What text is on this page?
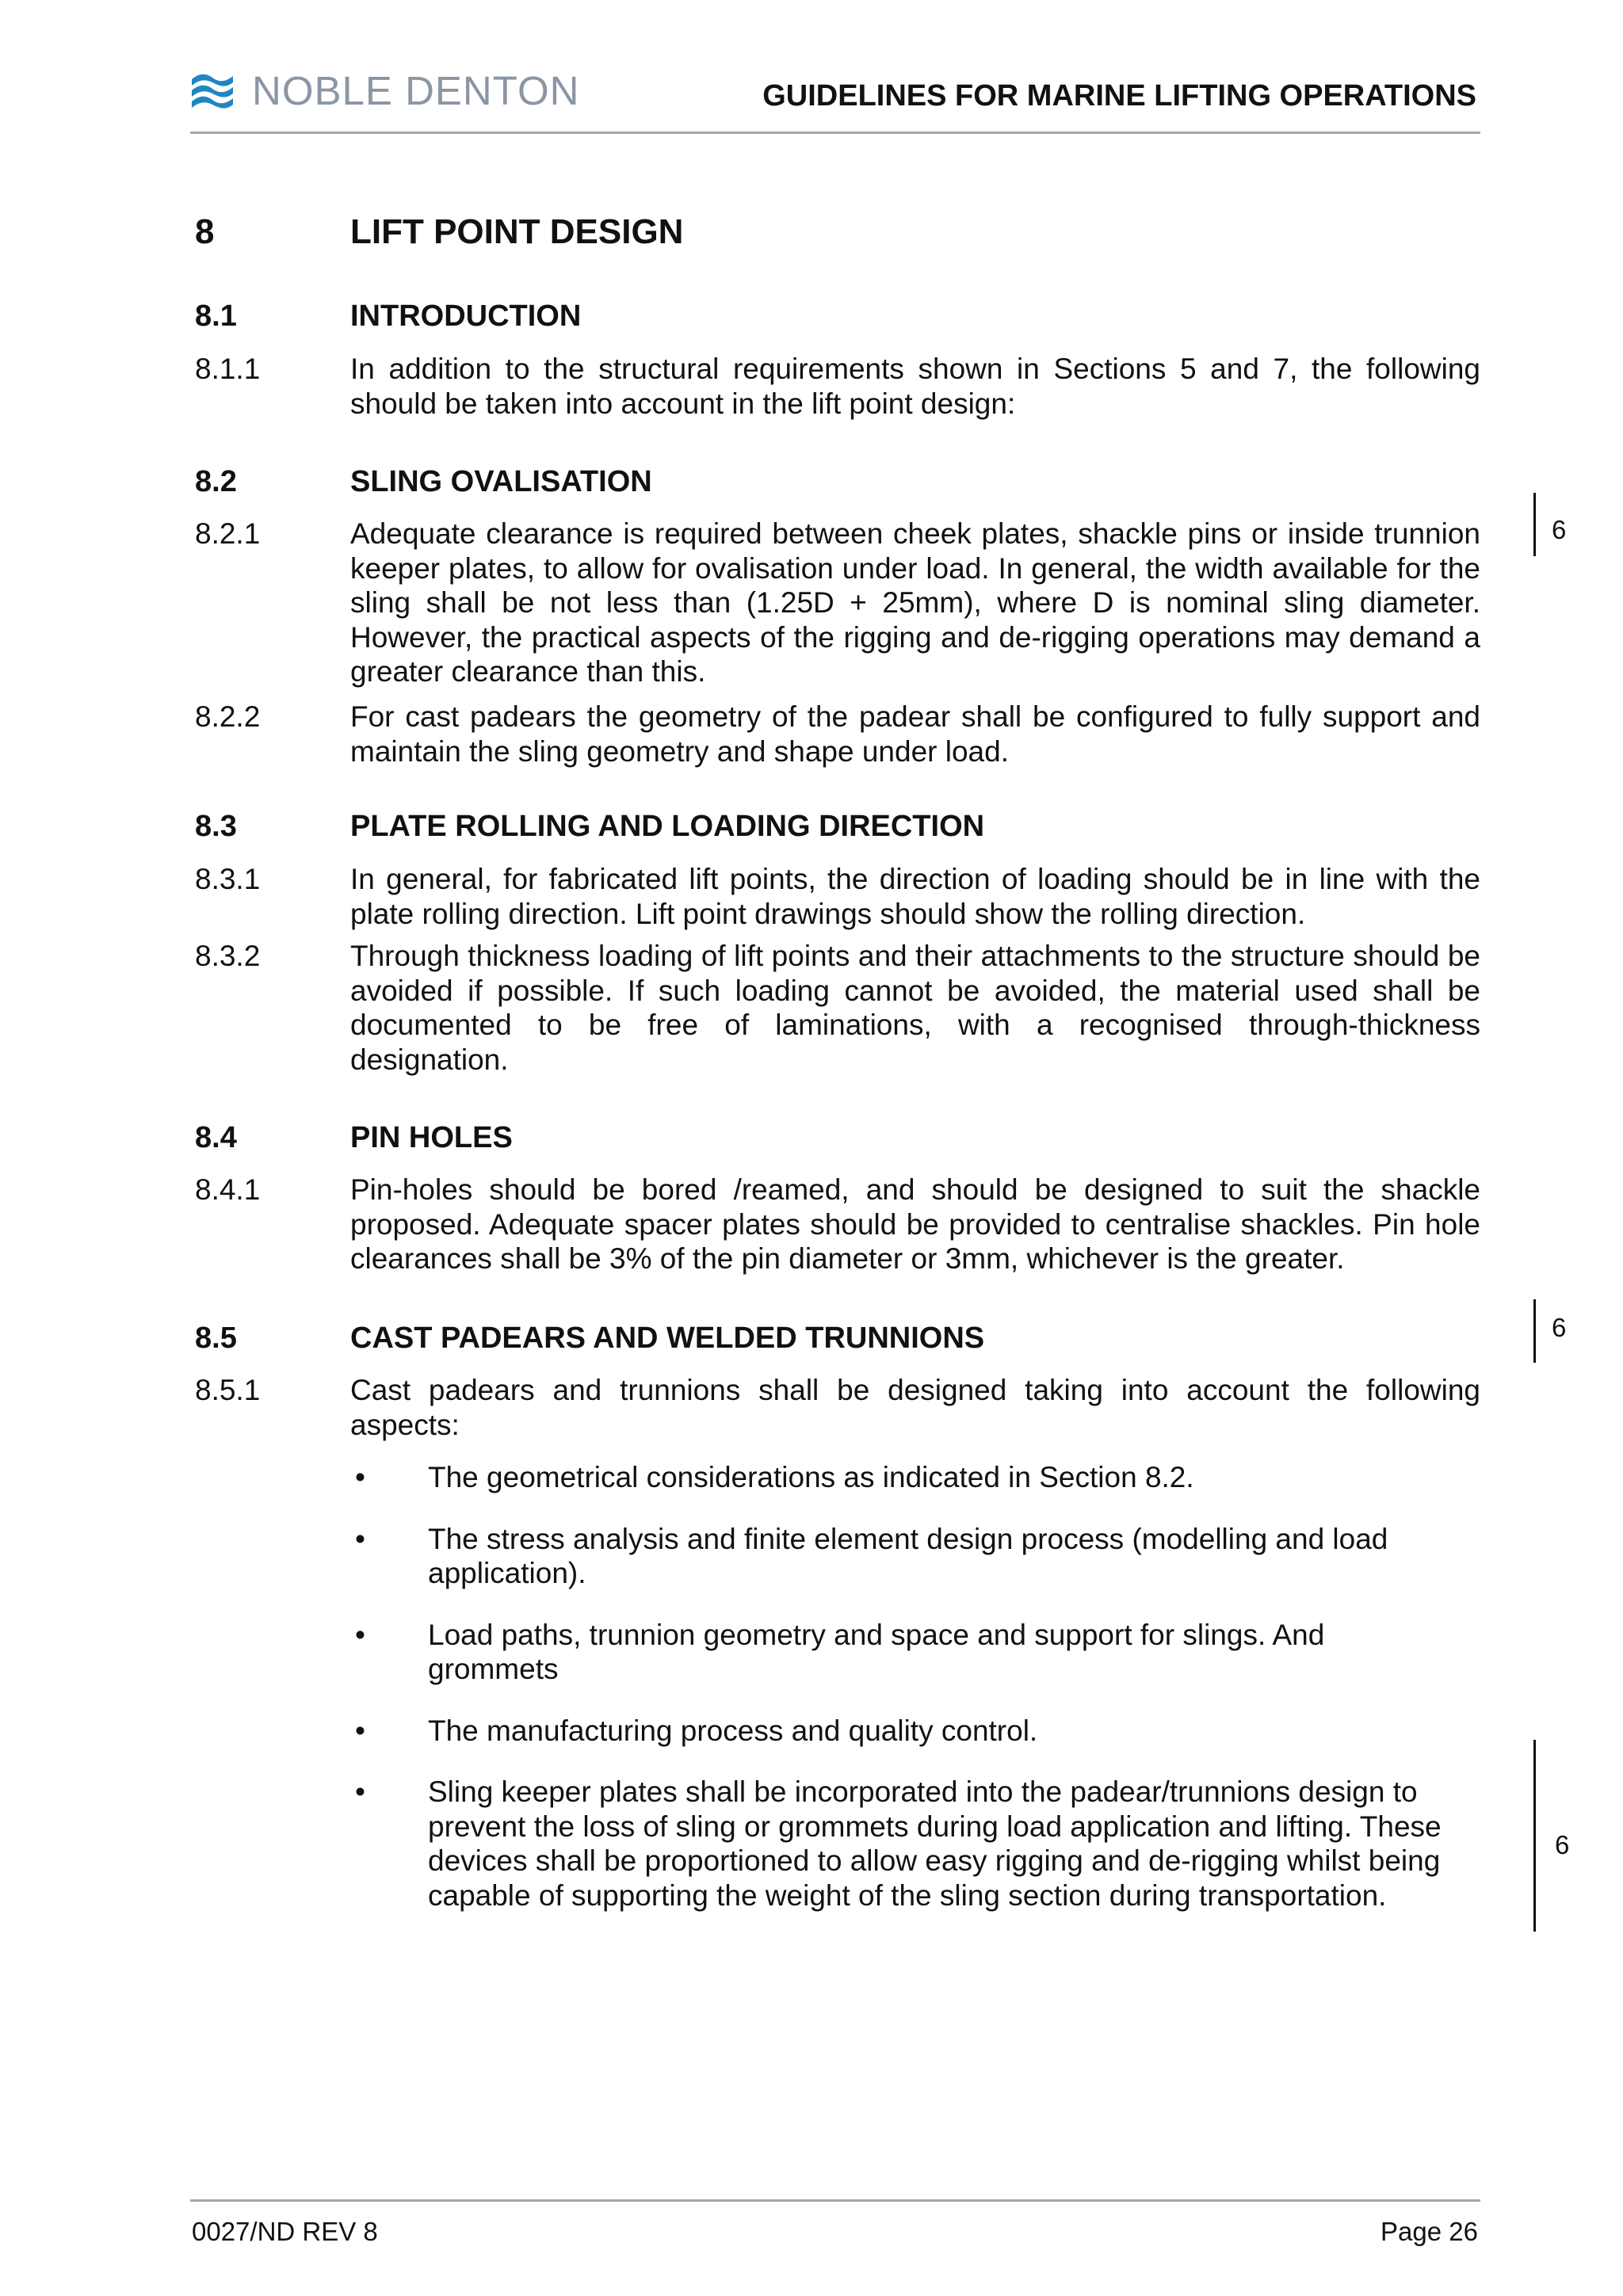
NOBLE DENTON	GUIDELINES FOR MARINE LIFTING OPERATIONS
8	LIFT POINT DESIGN
8.1	INTRODUCTION
8.1.1	In addition to the structural requirements shown in Sections 5 and 7, the following should be taken into account in the lift point design:
8.2	SLING OVALISATION
8.2.1	Adequate clearance is required between cheek plates, shackle pins or inside trunnion keeper plates, to allow for ovalisation under load. In general, the width available for the sling shall be not less than (1.25D + 25mm), where D is nominal sling diameter. However, the practical aspects of the rigging and de-rigging operations may demand a greater clearance than this.
8.2.2	For cast padears the geometry of the padear shall be configured to fully support and maintain the sling geometry and shape under load.
8.3	PLATE ROLLING AND LOADING DIRECTION
8.3.1	In general, for fabricated lift points, the direction of loading should be in line with the plate rolling direction. Lift point drawings should show the rolling direction.
8.3.2	Through thickness loading of lift points and their attachments to the structure should be avoided if possible. If such loading cannot be avoided, the material used shall be documented to be free of laminations, with a recognised through-thickness designation.
8.4	PIN HOLES
8.4.1	Pin-holes should be bored /reamed, and should be designed to suit the shackle proposed. Adequate spacer plates should be provided to centralise shackles. Pin hole clearances shall be 3% of the pin diameter or 3mm, whichever is the greater.
8.5	CAST PADEARS AND WELDED TRUNNIONS
8.5.1	Cast padears and trunnions shall be designed taking into account the following aspects:
• The geometrical considerations as indicated in Section 8.2.
• The stress analysis and finite element design process (modelling and load application).
• Load paths, trunnion geometry and space and support for slings. And grommets
• The manufacturing process and quality control.
• Sling keeper plates shall be incorporated into the padear/trunnions design to prevent the loss of sling or grommets during load application and lifting. These devices shall be proportioned to allow easy rigging and de-rigging whilst being capable of supporting the weight of the sling section during transportation.
6
6
6
0027/ND REV 8	Page 26
